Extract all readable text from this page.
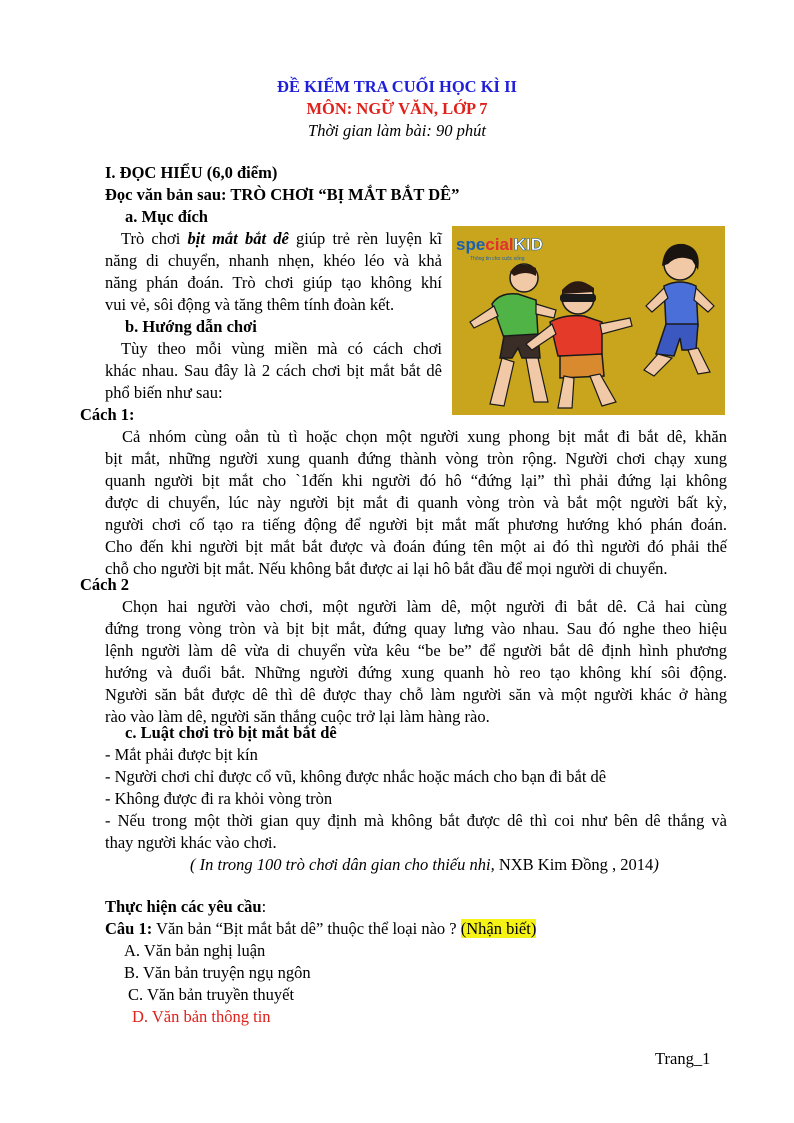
ĐỀ KIỂM TRA CUỐI HỌC KÌ II
MÔN: NGỮ VĂN, LỚP 7
Thời gian làm bài: 90 phút
I. ĐỌC HIỂU (6,0 điểm)
Đọc văn bản sau: TRÒ CHƠI “BỊ MẮT BẮT DÊ”
a. Mục đích
Trò chơi bịt mắt bắt dê giúp trẻ rèn luyện kĩ
năng di chuyển, nhanh nhẹn, khéo léo và khả
năng phán đoán. Trò chơi giúp tạo không khí
vui vẻ, sôi động và tăng thêm tính đoàn kết.
b. Hướng dẫn chơi
Tùy theo mỗi vùng miền mà có cách chơi
khác nhau. Sau đây là 2 cách chơi bịt mắt bắt dê
phổ biến như sau:
specialKID
Thông tin cho cuộc sống
Cách 1:
Cả nhóm cùng oẳn tù tì hoặc chọn một người xung phong bịt mắt đi bắt dê, khăn
bịt mắt, những người xung quanh đứng thành vòng tròn rộng. Người chơi chạy xung
quanh người bịt mắt cho `1đến khi người đó hô “đứng lại” thì phải đứng lại không
được di chuyển, lúc này người bịt mắt đi quanh vòng tròn và bắt một người bất kỳ,
người chơi cố tạo ra tiếng động để người bịt mắt mất phương hướng khó phán đoán.
Cho đến khi người bịt mắt bắt được và đoán đúng tên một ai đó thì người đó phải thế
chỗ cho người bịt mắt. Nếu không bắt được ai lại hô bắt đầu để mọi người di chuyển.
Cách 2
Chọn hai người vào chơi, một người làm dê, một người đi bắt dê. Cả hai cùng
đứng trong vòng tròn và bịt bịt mắt, đứng quay lưng vào nhau. Sau đó nghe theo hiệu
lệnh người làm dê vừa di chuyển vừa kêu “be be” để người bắt dê định hình phương
hướng và đuổi bắt. Những người đứng xung quanh hò reo tạo không khí sôi động.
Người săn bắt được dê thì dê được thay chỗ làm người săn và một người khác ở hàng
rào vào làm dê, người săn thắng cuộc trở lại làm hàng rào.
c. Luật chơi trò bịt mắt bắt dê
- Mắt phải được bịt kín
- Người chơi chỉ được cổ vũ, không được nhắc hoặc mách cho bạn đi bắt dê
- Không được đi ra khỏi vòng tròn
- Nếu trong một thời gian quy định mà không bắt được dê thì coi như bên dê thắng và
thay người khác vào chơi.
( In trong 100 trò chơi dân gian cho thiếu nhi, NXB Kim Đồng , 2014)
Thực hiện các yêu cầu:
Câu 1: Văn bản “Bịt mắt bắt dê” thuộc thể loại nào ? (Nhận biết)
A. Văn bản nghị luận
B. Văn bản truyện ngụ ngôn
C. Văn bản truyền thuyết
D. Văn bản thông tin
Trang_1
